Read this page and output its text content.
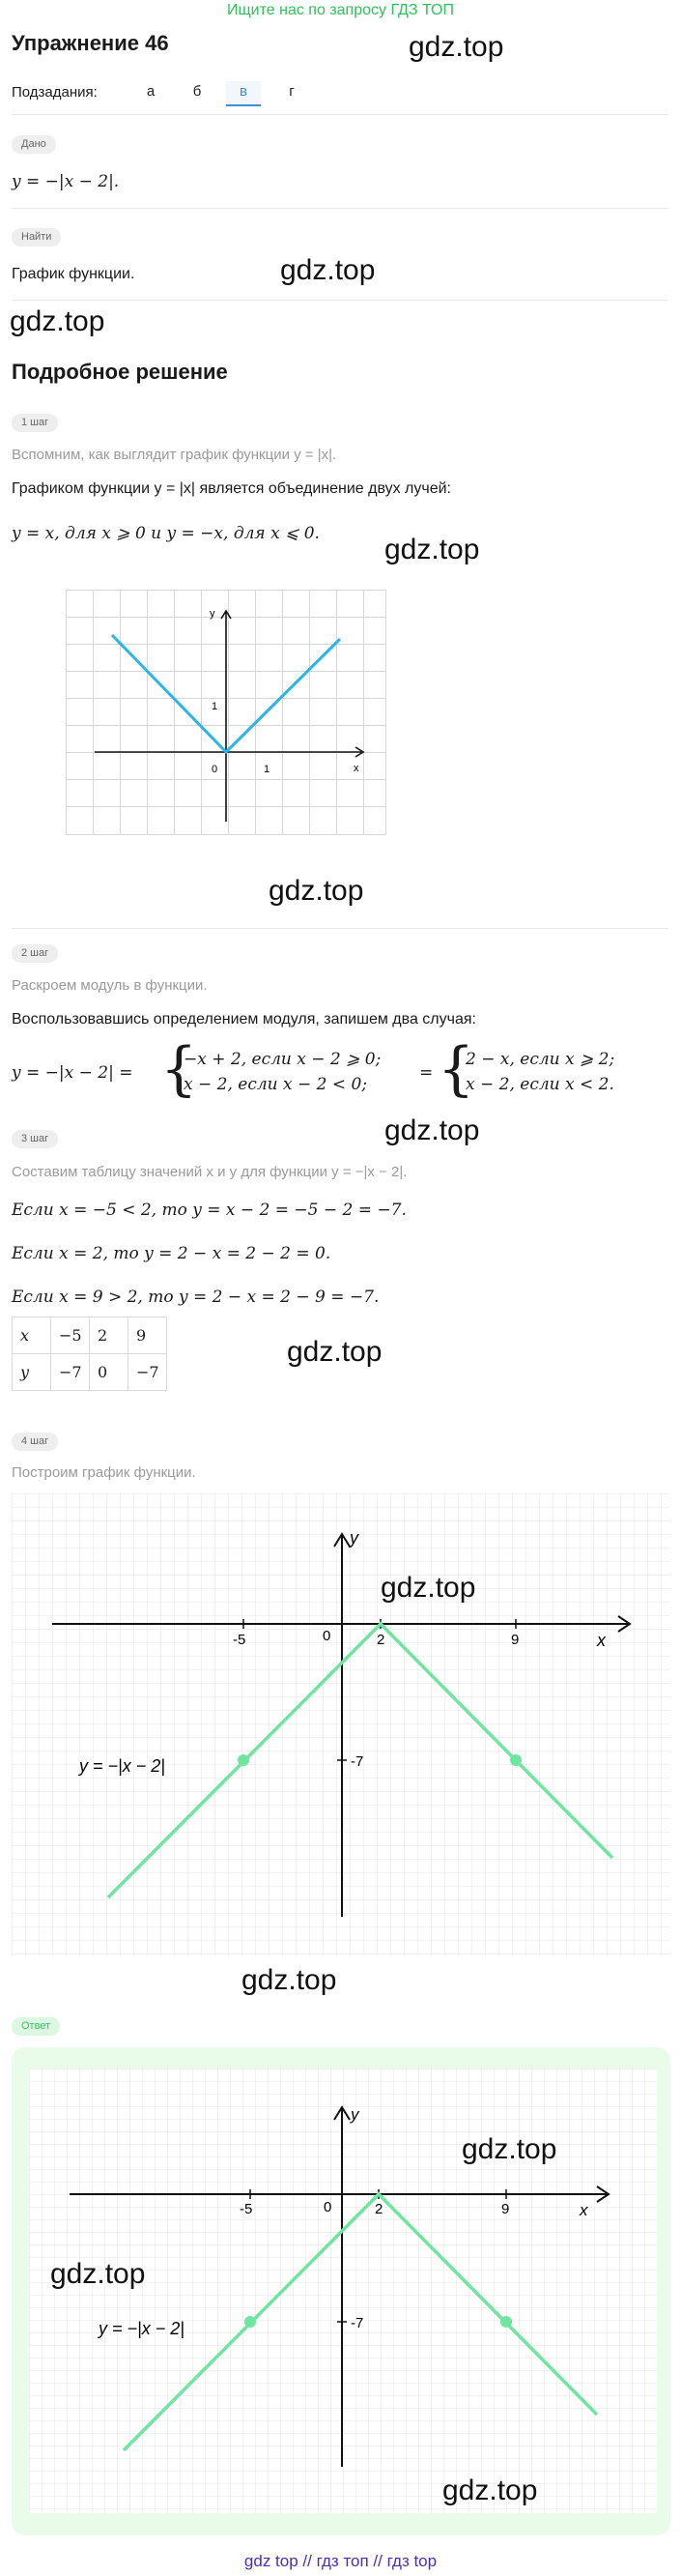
Ищите нас по запросу ГДЗ ТОП
gdz.top
Упражнение 46
Подзадания:	а	б	в	г
Дано
y = −|x − 2|.
Найти
График функции.	gdz.top
gdz.top
Подробное решение
1 шаг
Вспомним, как выглядит график функции y = |x|.
Графиком функции y = |x| является объединение двух лучей:
y = x, для x ⩾ 0 и y = −x, для x ⩽ 0. gdz.top
y
x
1
0	1
gdz.top
2 шаг
Раскроем модуль в функции.
Воспользовавшись определением модуля, запишем два случая:
y = −|x − 2| = {
−x + 2, если x − 2 ⩾ 0;
x − 2, если x − 2 < 0;
= {
2 − x, если x ⩾ 2;
x − 2, если x < 2.
gdz.top
3 шаг
Составим таблицу значений x и y для функции y = −|x − 2|.
Если x = −5 < 2, то y = x − 2 = −5 − 2 = −7.
Если x = 2, то y = 2 − x = 2 − 2 = 0.
Если x = 9 > 2, то y = 2 − x = 2 − 9 = −7.
x	−5	2	9
y	−7	0	−7
gdz.top
4 шаг
Построим график функции.
y
x
-5	0	2	9
-7
y = −|x − 2|
gdz.top
gdz.top
Ответ
y
x
-5	0	2	9
-7
y = −|x − 2|
gdz.top
gdz.top
gdz.top
gdz top // гдз топ // гдз top
